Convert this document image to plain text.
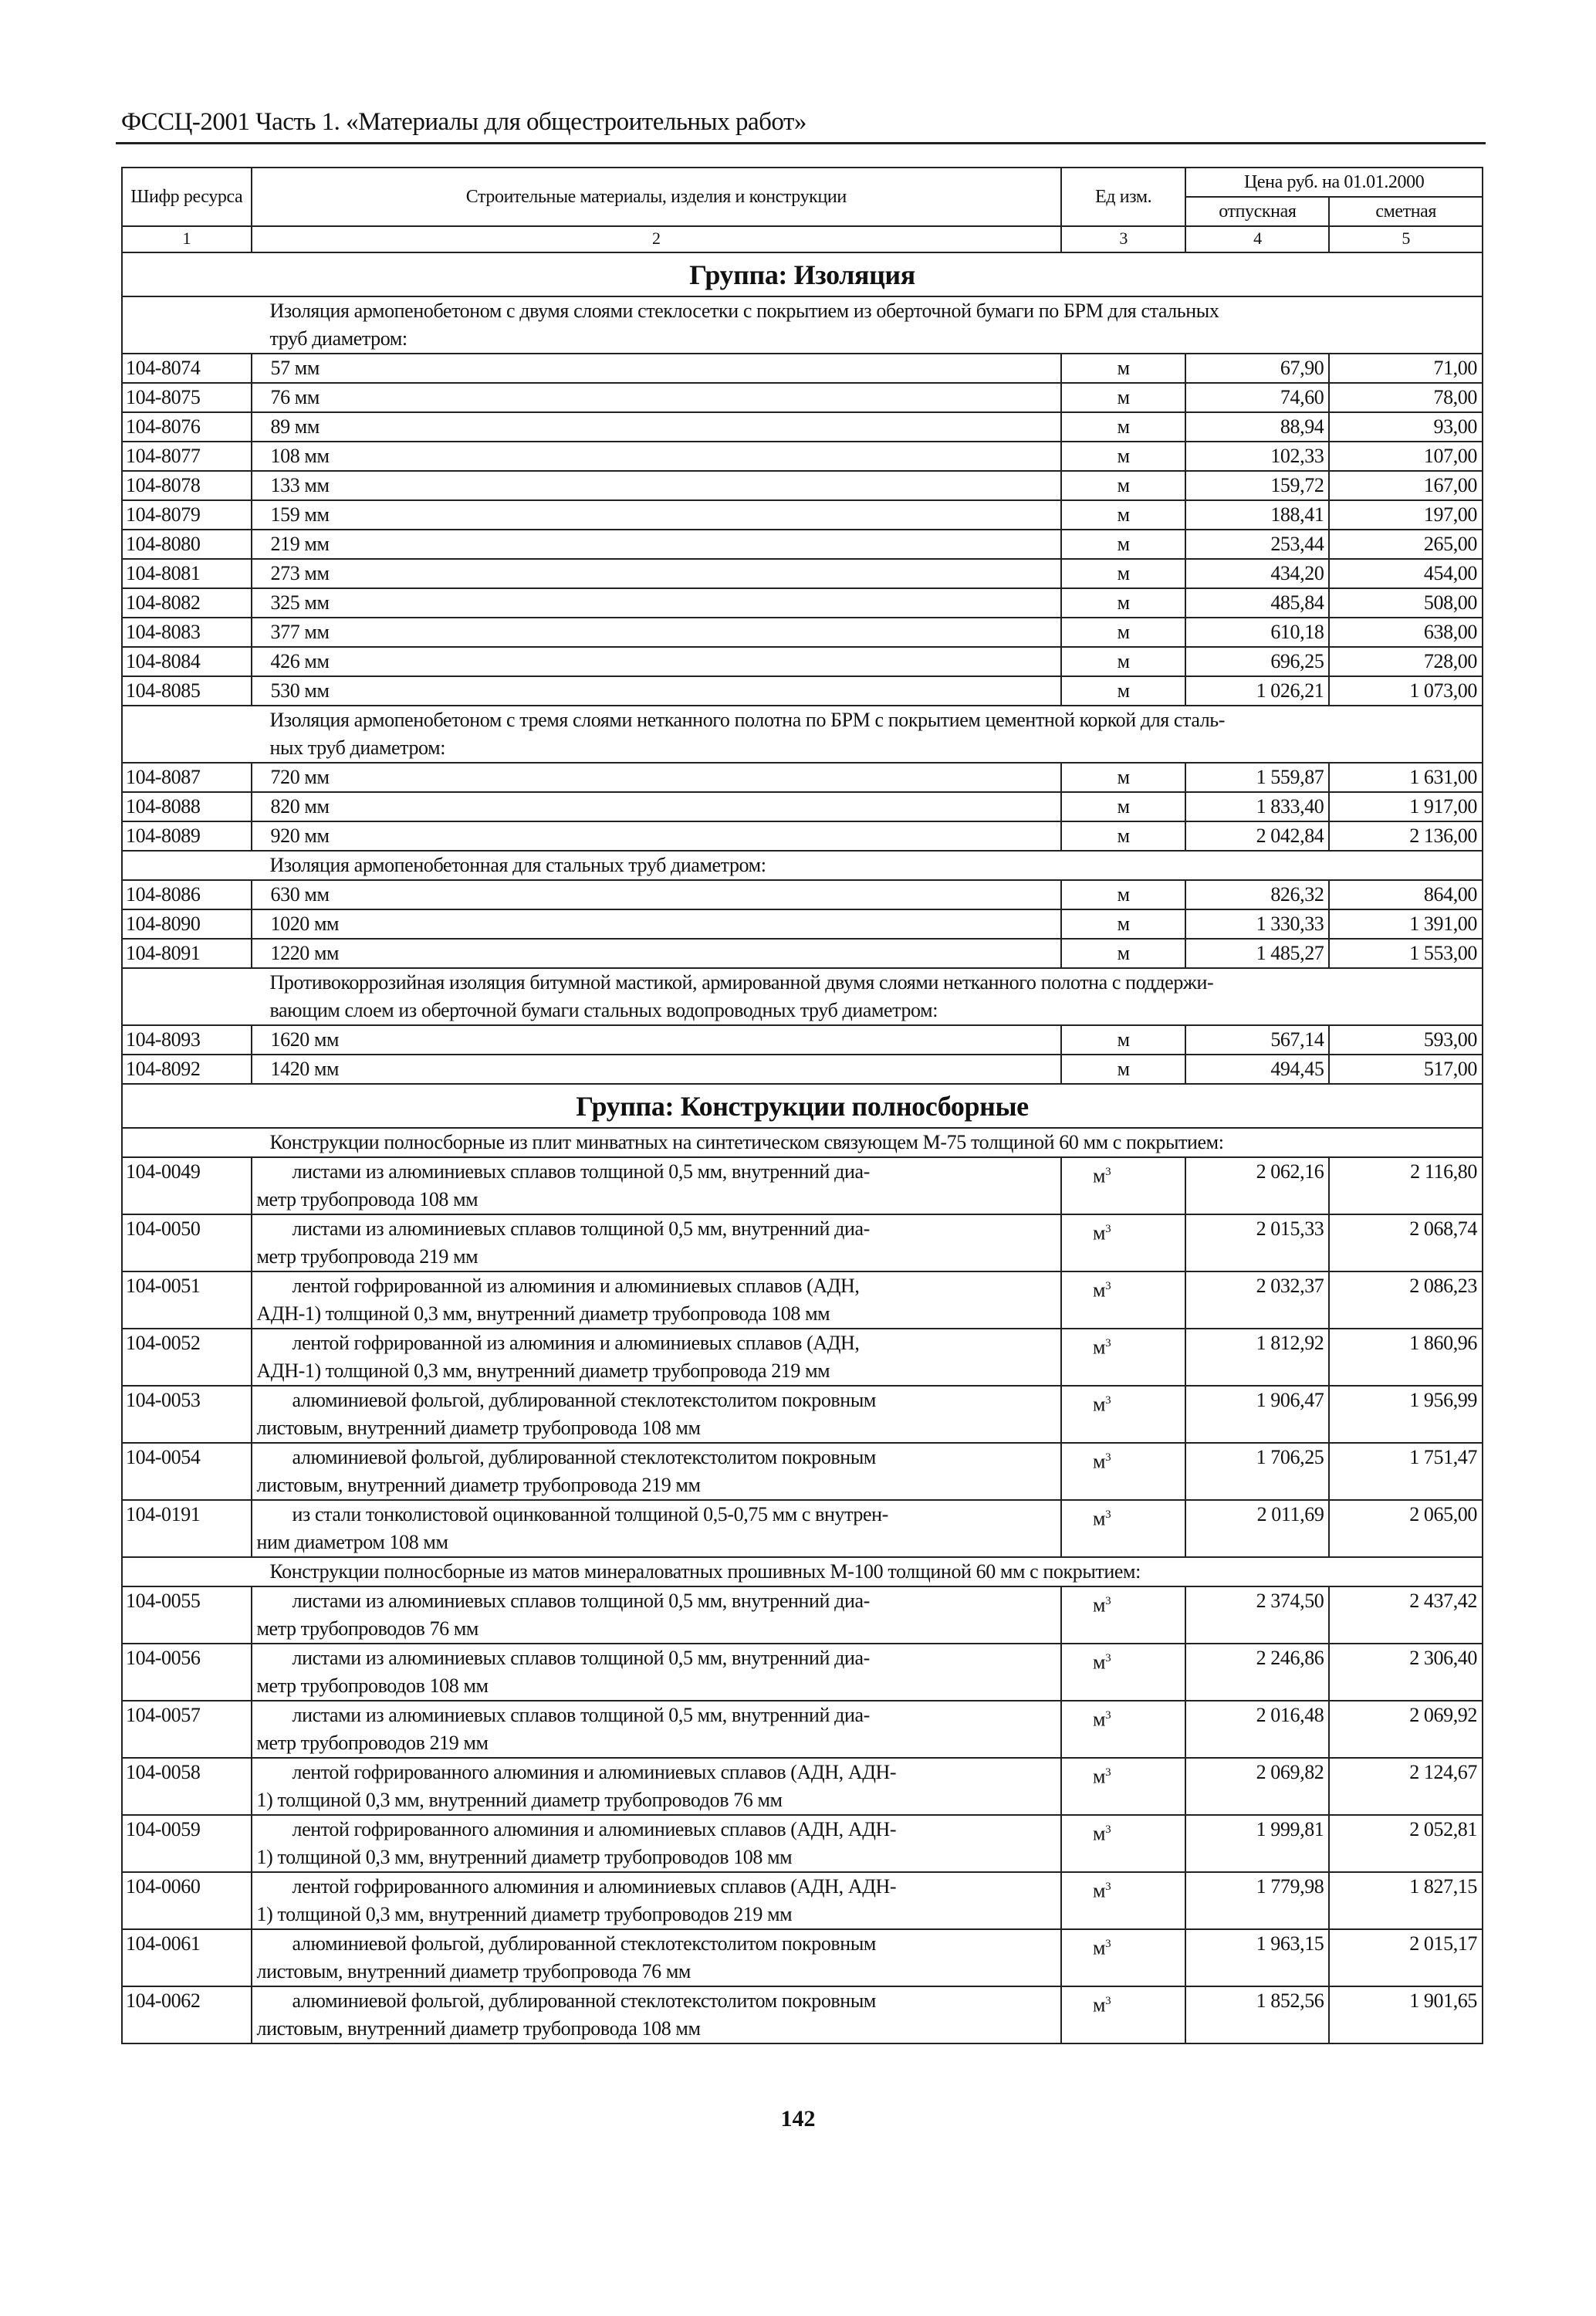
ФССЦ-2001 Часть 1. «Материалы для общестроительных работ»
Шифр ресурса	Строительные материалы, изделия и конструкции	Ед изм.	Цена руб. на 01.01.2000	
			отпускная	сметная
1	2	3	4	5
Группа: Изоляция				
	Изоляция армопенобетоном с двумя слоями стеклосетки с покрытием из оберточной бумаги по БРМ для стальных
труб диаметром:			
104-8074	57 мм	м	67,90	71,00
104-8075	76 мм	м	74,60	78,00
104-8076	89 мм	м	88,94	93,00
104-8077	108 мм	м	102,33	107,00
104-8078	133 мм	м	159,72	167,00
104-8079	159 мм	м	188,41	197,00
104-8080	219 мм	м	253,44	265,00
104-8081	273 мм	м	434,20	454,00
104-8082	325 мм	м	485,84	508,00
104-8083	377 мм	м	610,18	638,00
104-8084	426 мм	м	696,25	728,00
104-8085	530 мм	м	1 026,21	1 073,00
	Изоляция армопенобетоном с тремя слоями нетканного полотна по БРМ с покрытием цементной коркой для сталь-
ных труб диаметром:			
104-8087	720 мм	м	1 559,87	1 631,00
104-8088	820 мм	м	1 833,40	1 917,00
104-8089	920 мм	м	2 042,84	2 136,00
	Изоляция армопенобетонная для стальных труб диаметром:			
104-8086	630 мм	м	826,32	864,00
104-8090	1020 мм	м	1 330,33	1 391,00
104-8091	1220 мм	м	1 485,27	1 553,00
	Противокоррозийная изоляция битумной мастикой, армированной двумя слоями нетканного полотна с поддержи-
вающим слоем из оберточной бумаги стальных водопроводных труб диаметром:			
104-8093	1620 мм	м	567,14	593,00
104-8092	1420 мм	м	494,45	517,00
Группа: Конструкции полносборные				
	Конструкции полносборные из плит минватных на синтетическом связующем М-75 толщиной 60 мм с покрытием:			
104-0049	листами из алюминиевых сплавов толщиной 0,5 мм, внутренний диа-
метр трубопровода 108 мм	$м^3$	2 062,16	2 116,80
104-0050	листами из алюминиевых сплавов толщиной 0,5 мм, внутренний диа-
метр трубопровода 219 мм	$м^3$	2 015,33	2 068,74
104-0051	лентой гофрированной из алюминия и алюминиевых сплавов (АДН,
АДН-1) толщиной 0,3 мм, внутренний диаметр трубопровода 108 мм	$м^3$	2 032,37	2 086,23
104-0052	лентой гофрированной из алюминия и алюминиевых сплавов (АДН,
АДН-1) толщиной 0,3 мм, внутренний диаметр трубопровода 219 мм	$м^3$	1 812,92	1 860,96
104-0053	алюминиевой фольгой, дублированной стеклотекстолитом покровным
листовым, внутренний диаметр трубопровода 108 мм	$м^3$	1 906,47	1 956,99
104-0054	алюминиевой фольгой, дублированной стеклотекстолитом покровным
листовым, внутренний диаметр трубопровода 219 мм	$м^3$	1 706,25	1 751,47
104-0191	из стали тонколистовой оцинкованной толщиной 0,5-0,75 мм с внутрен-
ним диаметром 108 мм	$м^3$	2 011,69	2 065,00
	Конструкции полносборные из матов минераловатных прошивных М-100 толщиной 60 мм с покрытием:			
104-0055	листами из алюминиевых сплавов толщиной 0,5 мм, внутренний диа-
метр трубопроводов 76 мм	$м^3$	2 374,50	2 437,42
104-0056	листами из алюминиевых сплавов толщиной 0,5 мм, внутренний диа-
метр трубопроводов 108 мм	$м^3$	2 246,86	2 306,40
104-0057	листами из алюминиевых сплавов толщиной 0,5 мм, внутренний диа-
метр трубопроводов 219 мм	$м^3$	2 016,48	2 069,92
104-0058	лентой гофрированного алюминия и алюминиевых сплавов (АДН, АДН-
1) толщиной 0,3 мм, внутренний диаметр трубопроводов 76 мм	$м^3$	2 069,82	2 124,67
104-0059	лентой гофрированного алюминия и алюминиевых сплавов (АДН, АДН-
1) толщиной 0,3 мм, внутренний диаметр трубопроводов 108 мм	$м^3$	1 999,81	2 052,81
104-0060	лентой гофрированного алюминия и алюминиевых сплавов (АДН, АДН-
1) толщиной 0,3 мм, внутренний диаметр трубопроводов 219 мм	$м^3$	1 779,98	1 827,15
104-0061	алюминиевой фольгой, дублированной стеклотекстолитом покровным
листовым, внутренний диаметр трубопровода 76 мм	$м^3$	1 963,15	2 015,17
104-0062	алюминиевой фольгой, дублированной стеклотекстолитом покровным
листовым, внутренний диаметр трубопровода 108 мм	$м^3$	1 852,56	1 901,65
142
